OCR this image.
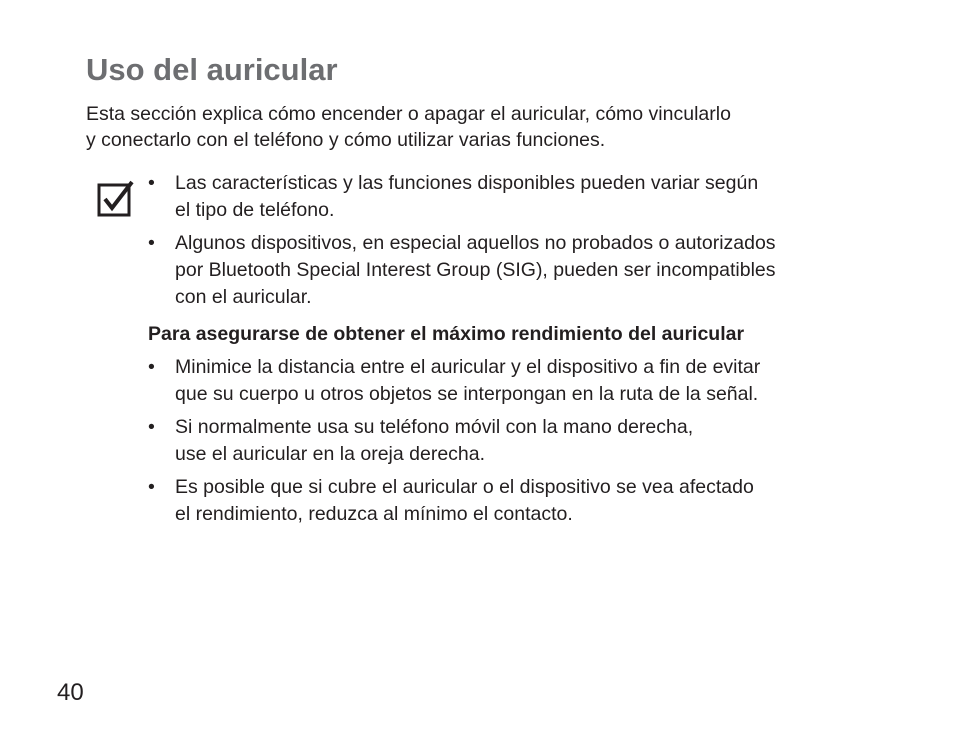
Uso del auricular

Esta sección explica cómo encender o apagar el auricular, cómo vincularlo
y conectarlo con el teléfono y cómo utilizar varias funciones.

• Las características y las funciones disponibles pueden variar según
el tipo de teléfono.
• Algunos dispositivos, en especial aquellos no probados o autorizados
por Bluetooth Special Interest Group (SIG), pueden ser incompatibles
con el auricular.
Para asegurarse de obtener el máximo rendimiento del auricular
• Minimice la distancia entre el auricular y el dispositivo a fin de evitar
que su cuerpo u otros objetos se interpongan en la ruta de la señal.
• Si normalmente usa su teléfono móvil con la mano derecha,
use el auricular en la oreja derecha.
• Es posible que si cubre el auricular o el dispositivo se vea afectado
el rendimiento, reduzca al mínimo el contacto.
40
